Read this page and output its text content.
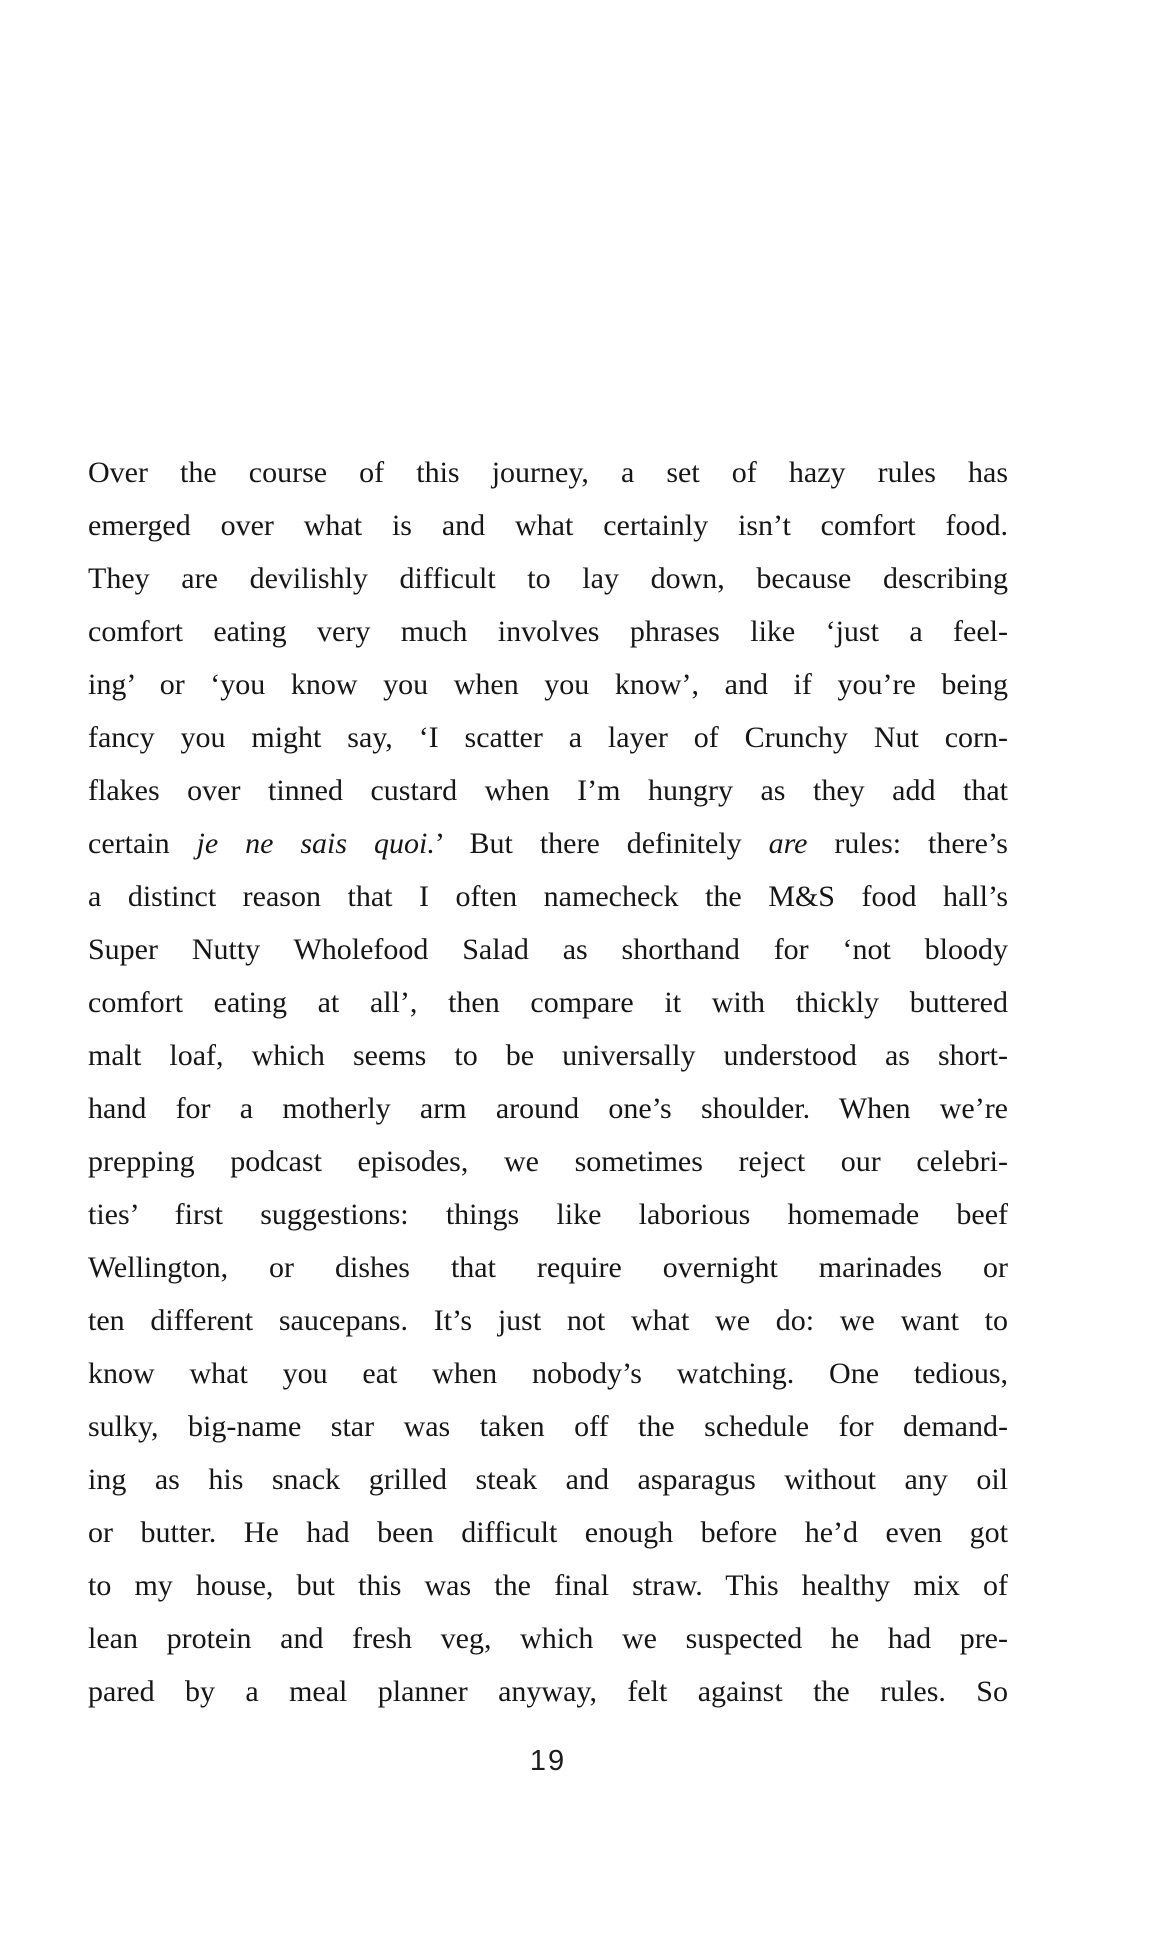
Over the course of this journey, a set of hazy rules has
emerged over what is and what certainly isn’t comfort food.
They are devilishly difficult to lay down, because describing
comfort eating very much involves phrases like ‘just a feel-
ing’ or ‘you know you when you know’, and if you’re being
fancy you might say, ‘I scatter a layer of Crunchy Nut corn-
flakes over tinned custard when I’m hungry as they add that
certain je ne sais quoi.’ But there definitely are rules: there’s
a distinct reason that I often namecheck the M&S food hall’s
Super Nutty Wholefood Salad as shorthand for ‘not bloody
comfort eating at all’, then compare it with thickly buttered
malt loaf, which seems to be universally understood as short-
hand for a motherly arm around one’s shoulder. When we’re
prepping podcast episodes, we sometimes reject our celebri-
ties’ first suggestions: things like laborious homemade beef
Wellington, or dishes that require overnight marinades or
ten different saucepans. It’s just not what we do: we want to
know what you eat when nobody’s watching. One tedious,
sulky, big-name star was taken off the schedule for demand-
ing as his snack grilled steak and asparagus without any oil
or butter. He had been difficult enough before he’d even got
to my house, but this was the final straw. This healthy mix of
lean protein and fresh veg, which we suspected he had pre-
pared by a meal planner anyway, felt against the rules. So
19
